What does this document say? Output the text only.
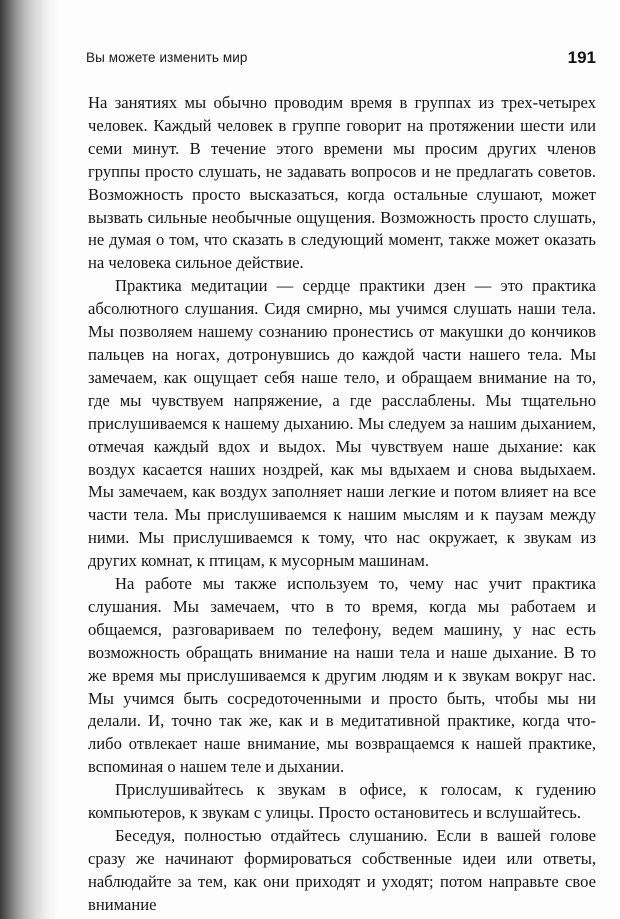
Вы можете изменить мир	191

На занятиях мы обычно проводим время в группах из трех-четырех человек. Каждый человек в группе говорит на протяжении шести или семи минут. В течение этого времени мы просим других членов группы просто слушать, не задавать вопросов и не предлагать советов. Возможность просто высказаться, когда остальные слушают, может вызвать сильные необычные ощущения. Возможность просто слушать, не думая о том, что сказать в следующий момент, также может оказать на человека сильное действие.

Практика медитации — сердце практики дзен — это практика абсолютного слушания. Сидя смирно, мы учимся слушать наши тела. Мы позволяем нашему сознанию пронестись от макушки до кончиков пальцев на ногах, дотронувшись до каждой части нашего тела. Мы замечаем, как ощущает себя наше тело, и обращаем внимание на то, где мы чувствуем напряжение, а где расслаблены. Мы тщательно прислушиваемся к нашему дыханию. Мы следуем за нашим дыханием, отмечая каждый вдох и выдох. Мы чувствуем наше дыхание: как воздух касается наших ноздрей, как мы вдыхаем и снова выдыхаем. Мы замечаем, как воздух заполняет наши легкие и потом влияет на все части тела. Мы прислушиваемся к нашим мыслям и к паузам между ними. Мы прислушиваемся к тому, что нас окружает, к звукам из других комнат, к птицам, к мусорным машинам.

На работе мы также используем то, чему нас учит практика слушания. Мы замечаем, что в то время, когда мы работаем и общаемся, разговариваем по телефону, ведем машину, у нас есть возможность обращать внимание на наши тела и наше дыхание. В то же время мы прислушиваемся к другим людям и к звукам вокруг нас. Мы учимся быть сосредоточенными и просто быть, чтобы мы ни делали. И, точно так же, как и в медитативной практике, когда что-либо отвлекает наше внимание, мы возвращаемся к нашей практике, вспоминая о нашем теле и дыхании.

Прислушивайтесь к звукам в офисе, к голосам, к гудению компьютеров, к звукам с улицы. Просто остановитесь и вслушайтесь.

Беседуя, полностью отдайтесь слушанию. Если в вашей голове сразу же начинают формироваться собственные идеи или ответы, наблюдайте за тем, как они приходят и уходят; потом направьте свое внимание
